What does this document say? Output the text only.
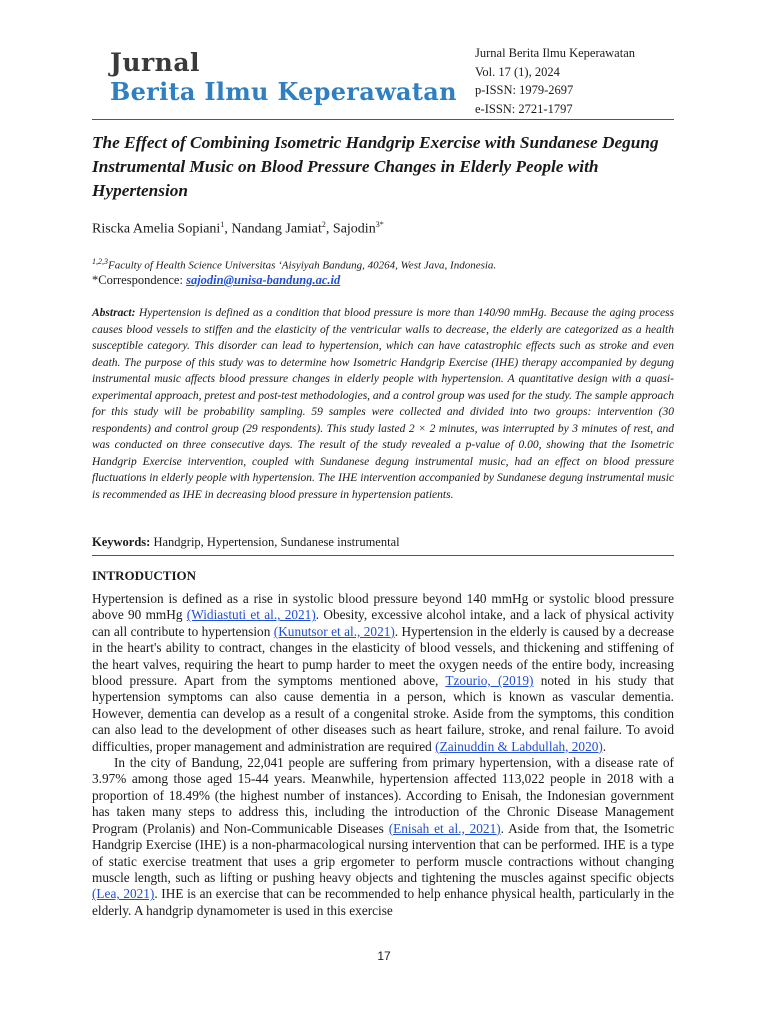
Jurnal
Berita Ilmu Keperawatan
Jurnal Berita Ilmu Keperawatan
Vol. 17 (1), 2024
p-ISSN: 1979-2697
e-ISSN: 2721-1797
The Effect of Combining Isometric Handgrip Exercise with Sundanese Degung Instrumental Music on Blood Pressure Changes in Elderly People with Hypertension
Riscka Amelia Sopiani$^1$, Nandang Jamiat$^2$, Sajodin$^{3*}$
$^{1,2,3}$Faculty of Health Science Universitas ‘Aisyiyah Bandung, 40264, West Java, Indonesia.
*Correspondence: sajodin@unisa-bandung.ac.id
Abstract: Hypertension is defined as a condition that blood pressure is more than 140/90 mmHg. Because the aging process causes blood vessels to stiffen and the elasticity of the ventricular walls to decrease, the elderly are categorized as a health susceptible category. This disorder can lead to hypertension, which can have catastrophic effects such as stroke and even death. The purpose of this study was to determine how Isometric Handgrip Exercise (IHE) therapy accompanied by degung instrumental music affects blood pressure changes in elderly people with hypertension. A quantitative design with a quasi-experimental approach, pretest and post-test methodologies, and a control group was used for the study. The sample approach for this study will be probability sampling. 59 samples were collected and divided into two groups: intervention (30 respondents) and control group (29 respondents). This study lasted 2 × 2 minutes, was interrupted by 3 minutes of rest, and was conducted on three consecutive days. The result of the study revealed a p-value of 0.00, showing that the Isometric Handgrip Exercise intervention, coupled with Sundanese degung instrumental music, had an effect on blood pressure fluctuations in elderly people with hypertension. The IHE intervention accompanied by Sundanese degung instrumental music is recommended as IHE in decreasing blood pressure in hypertension patients.
Keywords: Handgrip, Hypertension, Sundanese instrumental
INTRODUCTION

Hypertension is defined as a rise in systolic blood pressure beyond 140 mmHg or systolic blood pressure above 90 mmHg (Widiastuti et al., 2021). Obesity, excessive alcohol intake, and a lack of physical activity can all contribute to hypertension (Kunutsor et al., 2021). Hypertension in the elderly is caused by a decrease in the heart's ability to contract, changes in the elasticity of blood vessels, and thickening and stiffening of the heart valves, requiring the heart to pump harder to meet the oxygen needs of the entire body, increasing blood pressure. Apart from the symptoms mentioned above, Tzourio, (2019) noted in his study that hypertension symptoms can also cause dementia in a person, which is known as vascular dementia. However, dementia can develop as a result of a congenital stroke. Aside from the symptoms, this condition can also lead to the development of other diseases such as heart failure, stroke, and renal failure. To avoid difficulties, proper management and administration are required (Zainuddin & Labdullah, 2020).

In the city of Bandung, 22,041 people are suffering from primary hypertension, with a disease rate of 3.97% among those aged 15-44 years. Meanwhile, hypertension affected 113,022 people in 2018 with a proportion of 18.49% (the highest number of instances). According to Enisah, the Indonesian government has taken many steps to address this, including the introduction of the Chronic Disease Management Program (Prolanis) and Non-Communicable Diseases (Enisah et al., 2021). Aside from that, the Isometric Handgrip Exercise (IHE) is a non-pharmacological nursing intervention that can be performed. IHE is a type of static exercise treatment that uses a grip ergometer to perform muscle contractions without changing muscle length, such as lifting or pushing heavy objects and tightening the muscles against specific objects (Lea, 2021). IHE is an exercise that can be recommended to help enhance physical health, particularly in the elderly. A handgrip dynamometer is used in this exercise

17
